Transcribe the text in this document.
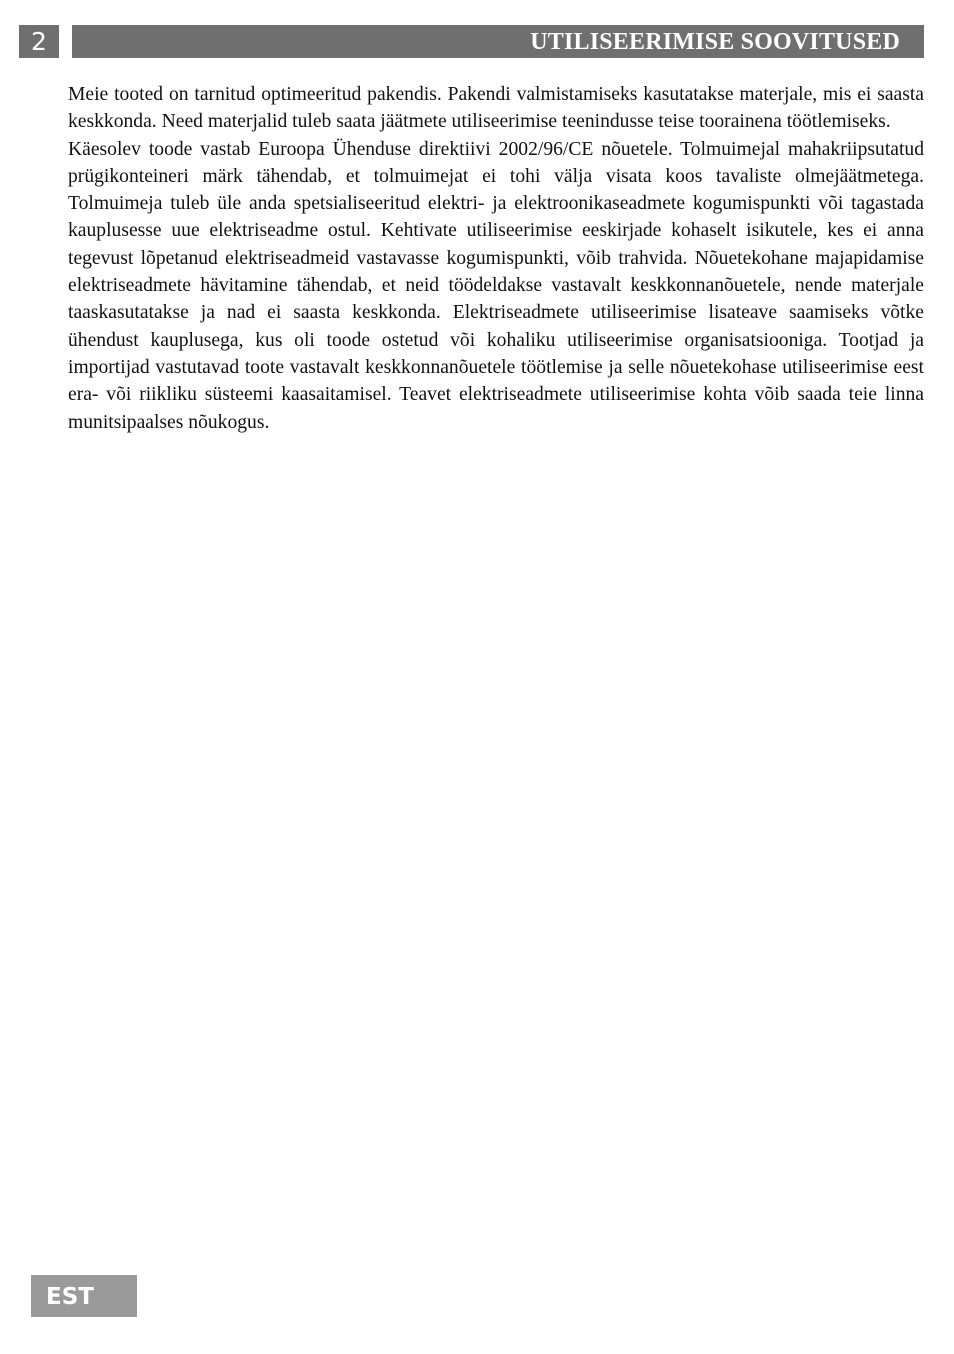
2	UTILISEERIMISE SOOVITUSED

Meie tooted on tarnitud optimeeritud pakendis. Pakendi valmistamiseks kasutatakse materjale, mis ei saasta keskkonda. Need materjalid tuleb saata jäätmete utiliseerimise teenindusse teise toorainena töötlemiseks.

Käesolev toode vastab Euroopa Ühenduse direktiivi 2002/96/CE nõuetele. Tolmuimejal mahakriipsutatud prügikonteineri märk tähendab, et tolmuimejat ei tohi välja visata koos tavaliste olmejäätmetega. Tolmuimeja tuleb üle anda spetsialiseeritud elektri- ja elektroonikaseadmete kogumispunkti või tagastada kauplusesse uue elektriseadme ostul. Kehtivate utiliseerimise eeskirjade kohaselt isikutele, kes ei anna tegevust lõpetanud elektriseadmeid vastavasse kogumispunkti, võib trahvida. Nõuetekohane majapidamise elektriseadmete hävitamine tähendab, et neid töödeldakse vastavalt keskkonnanõuetele, nende materjale taaskasutatakse ja nad ei saasta keskkonda. Elektriseadmete utiliseerimise lisateave saamiseks võtke ühendust kauplusega, kus oli toode ostetud või kohaliku utiliseerimise organisatsiooniga. Tootjad ja importijad vastutavad toote vastavalt keskkonnanõuetele töötlemise ja selle nõuetekohase utiliseerimise eest era- või riikliku süsteemi kaasaitamisel. Teavet elektriseadmete utiliseerimise kohta võib saada teie linna munitsipaalses nõukogus.

EST
